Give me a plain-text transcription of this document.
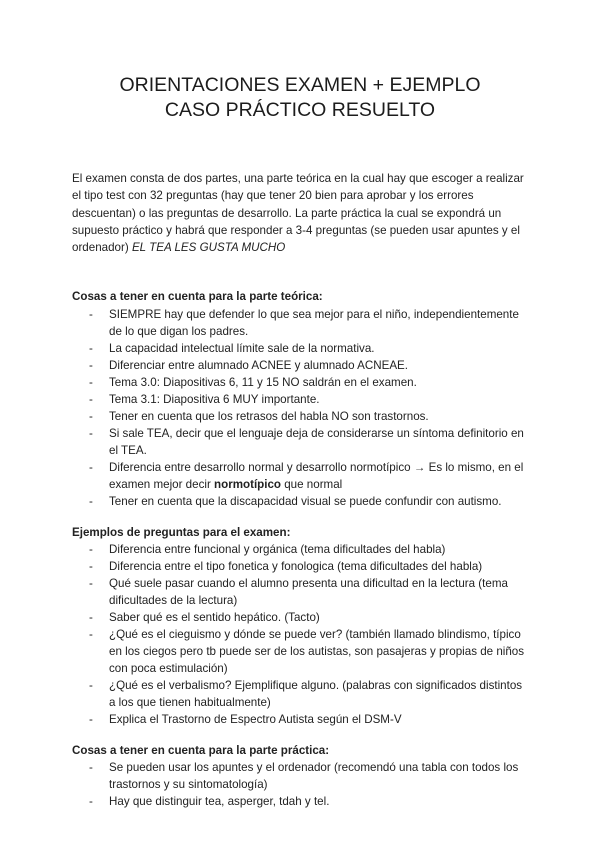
ORIENTACIONES EXAMEN + EJEMPLO
CASO PRÁCTICO RESUELTO

El examen consta de dos partes, una parte teórica en la cual hay que escoger a realizar el tipo test con 32 preguntas (hay que tener 20 bien para aprobar y los errores descuentan) o las preguntas de desarrollo. La parte práctica la cual se expondrá un supuesto práctico y habrá que responder a 3-4 preguntas (se pueden usar apuntes y el ordenador) EL TEA LES GUSTA MUCHO

Cosas a tener en cuenta para la parte teórica:

- SIEMPRE hay que defender lo que sea mejor para el niño, independientemente de lo que digan los padres.
- La capacidad intelectual límite sale de la normativa.
- Diferenciar entre alumnado ACNEE y alumnado ACNEAE.
- Tema 3.0: Diapositivas 6, 11 y 15 NO saldrán en el examen.
- Tema 3.1: Diapositiva 6 MUY importante.
- Tener en cuenta que los retrasos del habla NO son trastornos.
- Si sale TEA, decir que el lenguaje deja de considerarse un síntoma definitorio en el TEA.
- Diferencia entre desarrollo normal y desarrollo normotípico → Es lo mismo, en el examen mejor decir normotípico que normal
- Tener en cuenta que la discapacidad visual se puede confundir con autismo.

Ejemplos de preguntas para el examen:

- Diferencia entre funcional y orgánica (tema dificultades del habla)
- Diferencia entre el tipo fonetica y fonologica (tema dificultades del habla)
- Qué suele pasar cuando el alumno presenta una dificultad en la lectura (tema dificultades de la lectura)
- Saber qué es el sentido hepático. (Tacto)
- ¿Qué es el cieguismo y dónde se puede ver? (también llamado blindismo, típico en los ciegos pero tb puede ser de los autistas, son pasajeras y propias de niños con poca estimulación)
- ¿Qué es el verbalismo? Ejemplifique alguno. (palabras con significados distintos a los que tienen habitualmente)
- Explica el Trastorno de Espectro Autista según el DSM-V

Cosas a tener en cuenta para la parte práctica:

- Se pueden usar los apuntes y el ordenador (recomendó una tabla con todos los trastornos y su sintomatología)
- Hay que distinguir tea, asperger, tdah y tel.
